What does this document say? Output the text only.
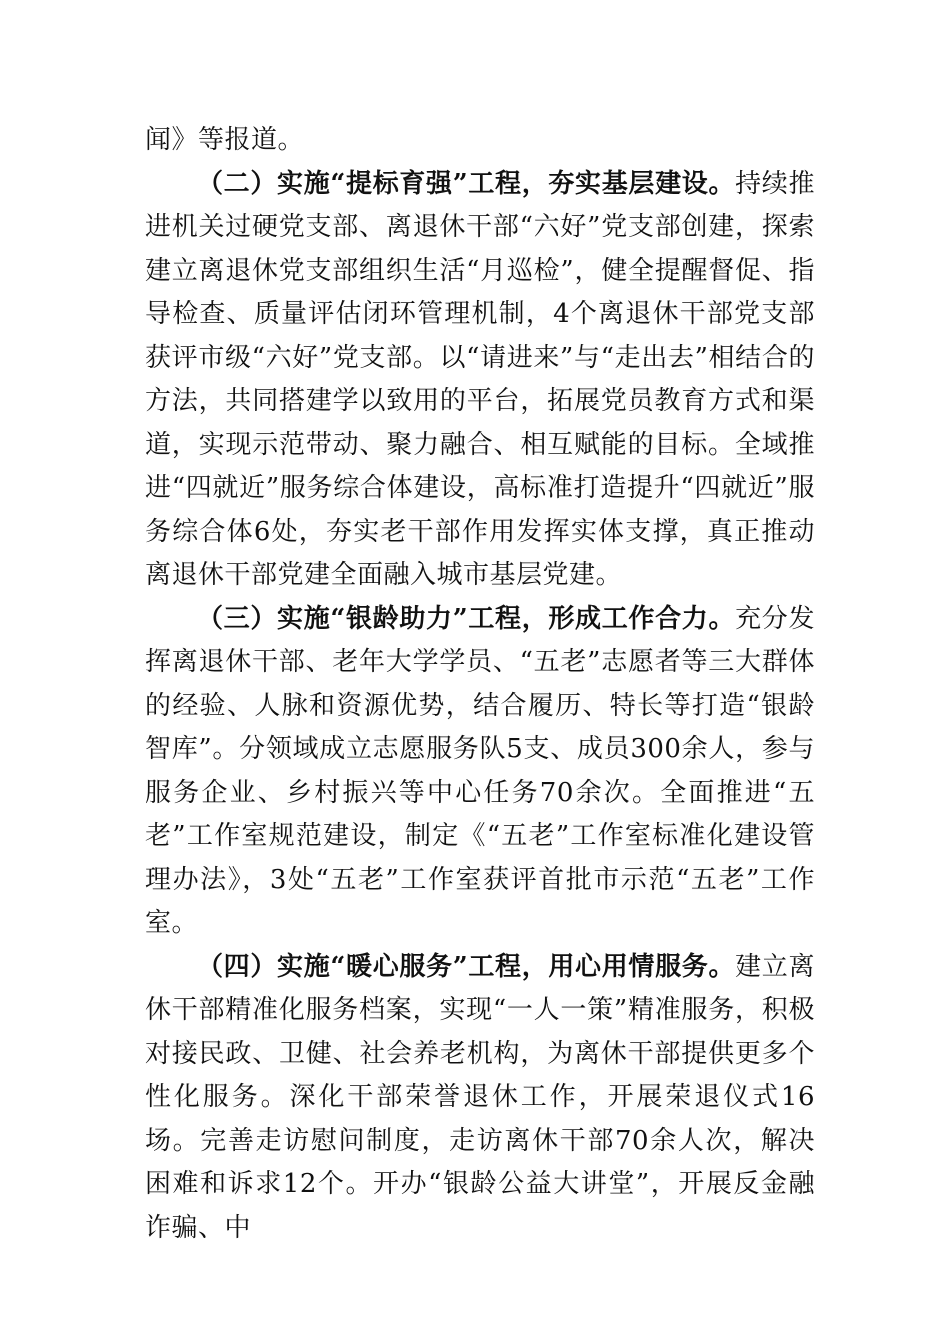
闻》等报道。

（二）实施“提标育强”工程，夯实基层建设。持续推进机关过硬党支部、离退休干部“六好”党支部创建，探索建立离退休党支部组织生活“月巡检”，健全提醒督促、指导检查、质量评估闭环管理机制，4个离退休干部党支部获评市级“六好”党支部。以“请进来”与“走出去”相结合的方法，共同搭建学以致用的平台，拓展党员教育方式和渠道，实现示范带动、聚力融合、相互赋能的目标。全域推进“四就近”服务综合体建设，高标准打造提升“四就近”服务综合体6处，夯实老干部作用发挥实体支撑，真正推动离退休干部党建全面融入城市基层党建。

（三）实施“银龄助力”工程，形成工作合力。充分发挥离退休干部、老年大学学员、“五老”志愿者等三大群体的经验、人脉和资源优势，结合履历、特长等打造“银龄智库”。分领域成立志愿服务队5支、成员300余人，参与服务企业、乡村振兴等中心任务70余次。全面推进“五老”工作室规范建设，制定《“五老”工作室标准化建设管理办法》，3处“五老”工作室获评首批市示范“五老”工作室。

（四）实施“暖心服务”工程，用心用情服务。建立离休干部精准化服务档案，实现“一人一策”精准服务，积极对接民政、卫健、社会养老机构，为离休干部提供更多个性化服务。深化干部荣誉退休工作，开展荣退仪式16场。完善走访慰问制度，走访离休干部70余人次，解决困难和诉求12个。开办“银龄公益大讲堂”，开展反金融诈骗、中
